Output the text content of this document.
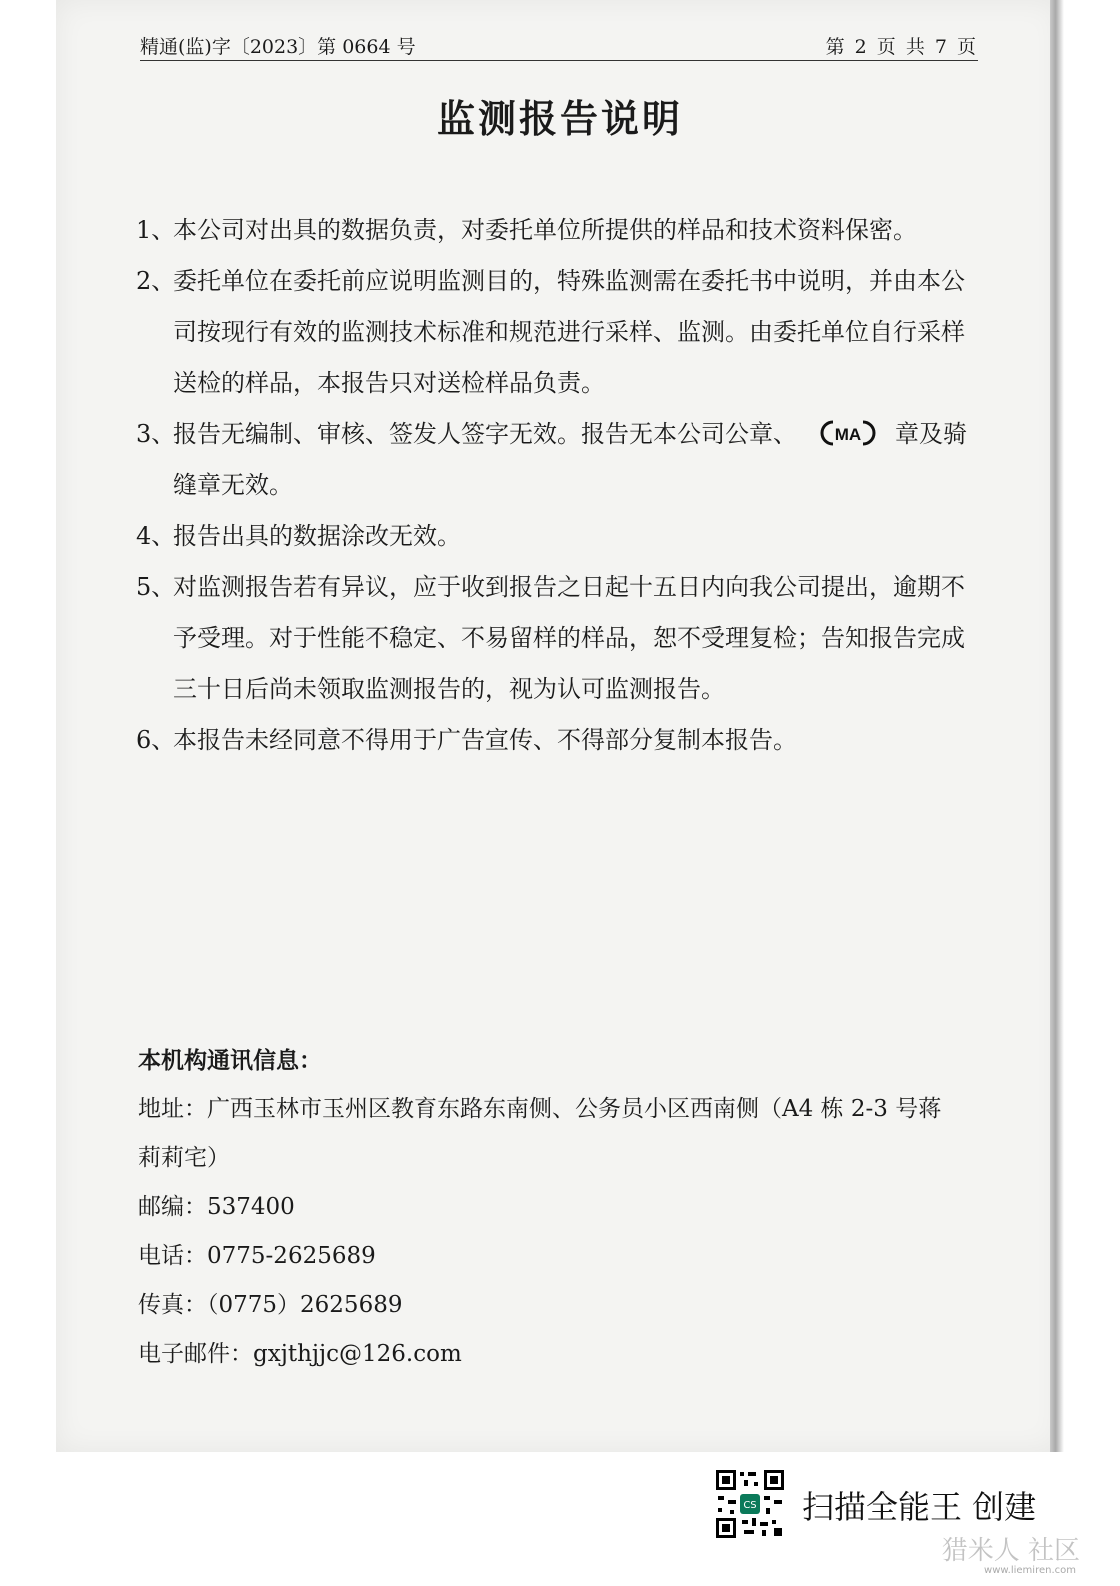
精通(监)字〔2023〕第 0664 号	第 2 页 共 7 页
监测报告说明
1、
本公司对出具的数据负责，对委托单位所提供的样品和技术资料保密。
2、
委托单位在委托前应说明监测目的，特殊监测需在委托书中说明，并由本公
司按现行有效的监测技术标准和规范进行采样、监测。由委托单位自行采样
送检的样品，本报告只对送检样品负责。
3、
报告无编制、审核、签发人签字无效。报告无本公司公章、 MA 章及骑
缝章无效。
4、
报告出具的数据涂改无效。
5、
对监测报告若有异议，应于收到报告之日起十五日内向我公司提出，逾期不
予受理。对于性能不稳定、不易留样的样品，恕不受理复检；告知报告完成
三十日后尚未领取监测报告的，视为认可监测报告。
6、
本报告未经同意不得用于广告宣传、不得部分复制本报告。
本机构通讯信息：
地址：广西玉林市玉州区教育东路东南侧、公务员小区西南侧（A4 栋 2-3 号蒋
莉莉宅）
邮编：537400
电话：0775-2625689
传真：（0775）2625689
电子邮件：gxjthjjc@126.com
CS 扫描全能王 创建
猎米人 社区
www.liemiren.com
